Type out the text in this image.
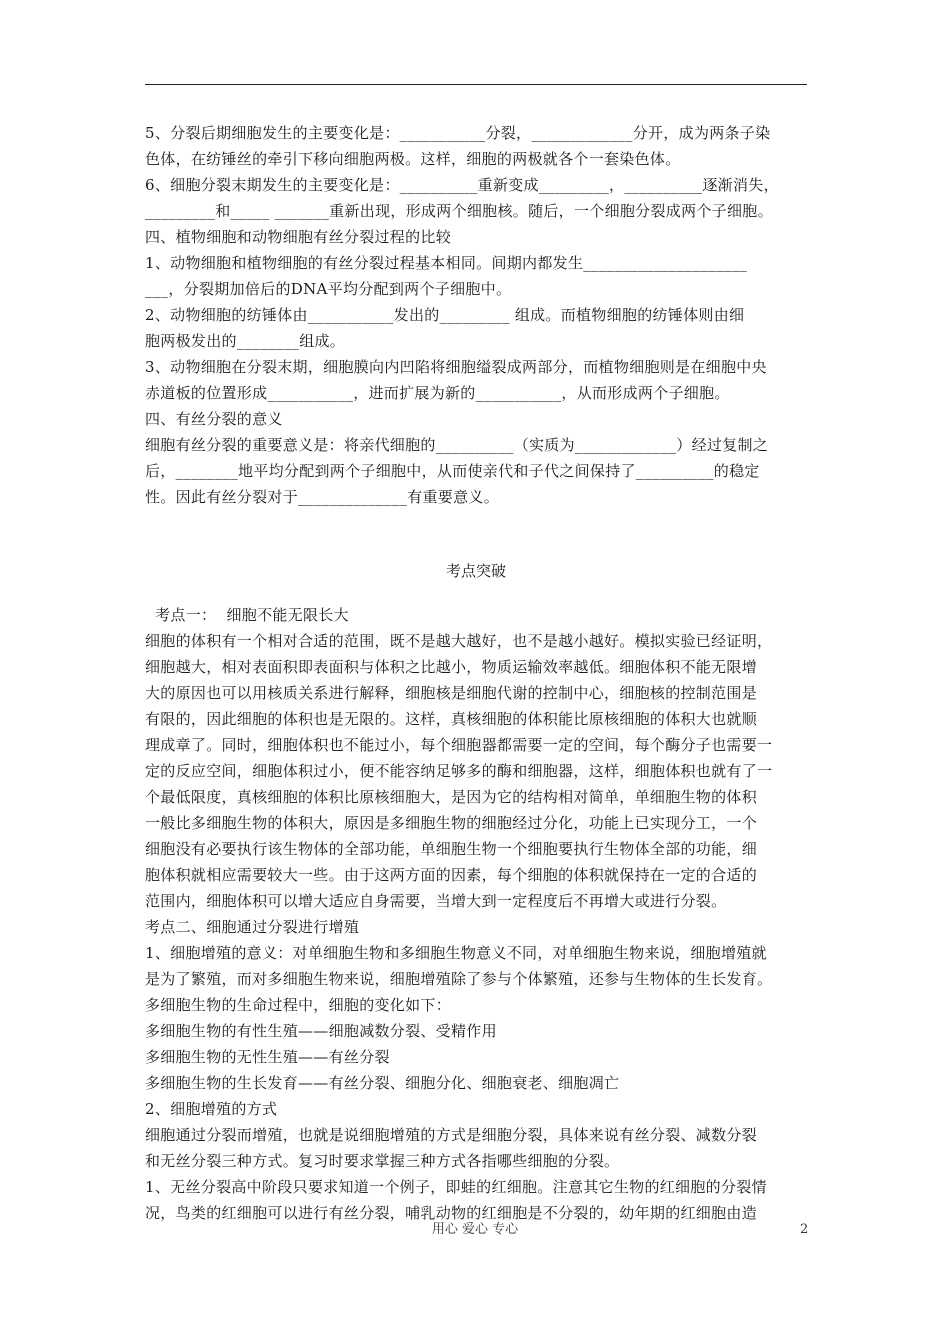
5、分裂后期细胞发生的主要变化是：___________分裂，_____________分开，成为两条子染
色体，在纺锤丝的牵引下移向细胞两极。这样，细胞的两极就各个一套染色体。
6、细胞分裂末期发生的主要变化是：__________重新变成_________，__________逐渐消失，
_________和_____ _______重新出现，形成两个细胞核。随后，一个细胞分裂成两个子细胞。
四、植物细胞和动物细胞有丝分裂过程的比较
1、动物细胞和植物细胞的有丝分裂过程基本相同。间期内都发生_____________________
___，分裂期加倍后的DNA平均分配到两个子细胞中。
2、动物细胞的纺锤体由___________发出的_________ 组成。而植物细胞的纺锤体则由细
胞两极发出的________组成。
3、动物细胞在分裂末期，细胞膜向内凹陷将细胞缢裂成两部分，而植物细胞则是在细胞中央
赤道板的位置形成___________，进而扩展为新的___________，从而形成两个子细胞。
四、有丝分裂的意义
细胞有丝分裂的重要意义是：将亲代细胞的__________（实质为_____________）经过复制之
后，________地平均分配到两个子细胞中，从而使亲代和子代之间保持了__________的稳定
性。因此有丝分裂对于______________有重要意义。
考点突破
考点一：  细胞不能无限长大
细胞的体积有一个相对合适的范围，既不是越大越好，也不是越小越好。模拟实验已经证明，
细胞越大，相对表面积即表面积与体积之比越小，物质运输效率越低。细胞体积不能无限增
大的原因也可以用核质关系进行解释，细胞核是细胞代谢的控制中心，细胞核的控制范围是
有限的，因此细胞的体积也是无限的。这样，真核细胞的体积能比原核细胞的体积大也就顺
理成章了。同时，细胞体积也不能过小，每个细胞器都需要一定的空间，每个酶分子也需要一
定的反应空间，细胞体积过小，便不能容纳足够多的酶和细胞器，这样，细胞体积也就有了一
个最低限度，真核细胞的体积比原核细胞大，是因为它的结构相对简单，单细胞生物的体积
一般比多细胞生物的体积大，原因是多细胞生物的细胞经过分化，功能上已实现分工，一个
细胞没有必要执行该生物体的全部功能，单细胞生物一个细胞要执行生物体全部的功能，细
胞体积就相应需要较大一些。由于这两方面的因素，每个细胞的体积就保持在一定的合适的
范围内，细胞体积可以增大适应自身需要，当增大到一定程度后不再增大或进行分裂。
考点二、细胞通过分裂进行增殖
1、细胞增殖的意义：对单细胞生物和多细胞生物意义不同，对单细胞生物来说，细胞增殖就
是为了繁殖，而对多细胞生物来说，细胞增殖除了参与个体繁殖，还参与生物体的生长发育。
多细胞生物的生命过程中，细胞的变化如下：
多细胞生物的有性生殖——细胞减数分裂、受精作用
多细胞生物的无性生殖——有丝分裂
多细胞生物的生长发育——有丝分裂、细胞分化、细胞衰老、细胞凋亡
2、细胞增殖的方式
细胞通过分裂而增殖，也就是说细胞增殖的方式是细胞分裂，具体来说有丝分裂、减数分裂
和无丝分裂三种方式。复习时要求掌握三种方式各指哪些细胞的分裂。
1、无丝分裂高中阶段只要求知道一个例子，即蛙的红细胞。注意其它生物的红细胞的分裂情
况，鸟类的红细胞可以进行有丝分裂，哺乳动物的红细胞是不分裂的，幼年期的红细胞由造
用心 爱心 专心	2
